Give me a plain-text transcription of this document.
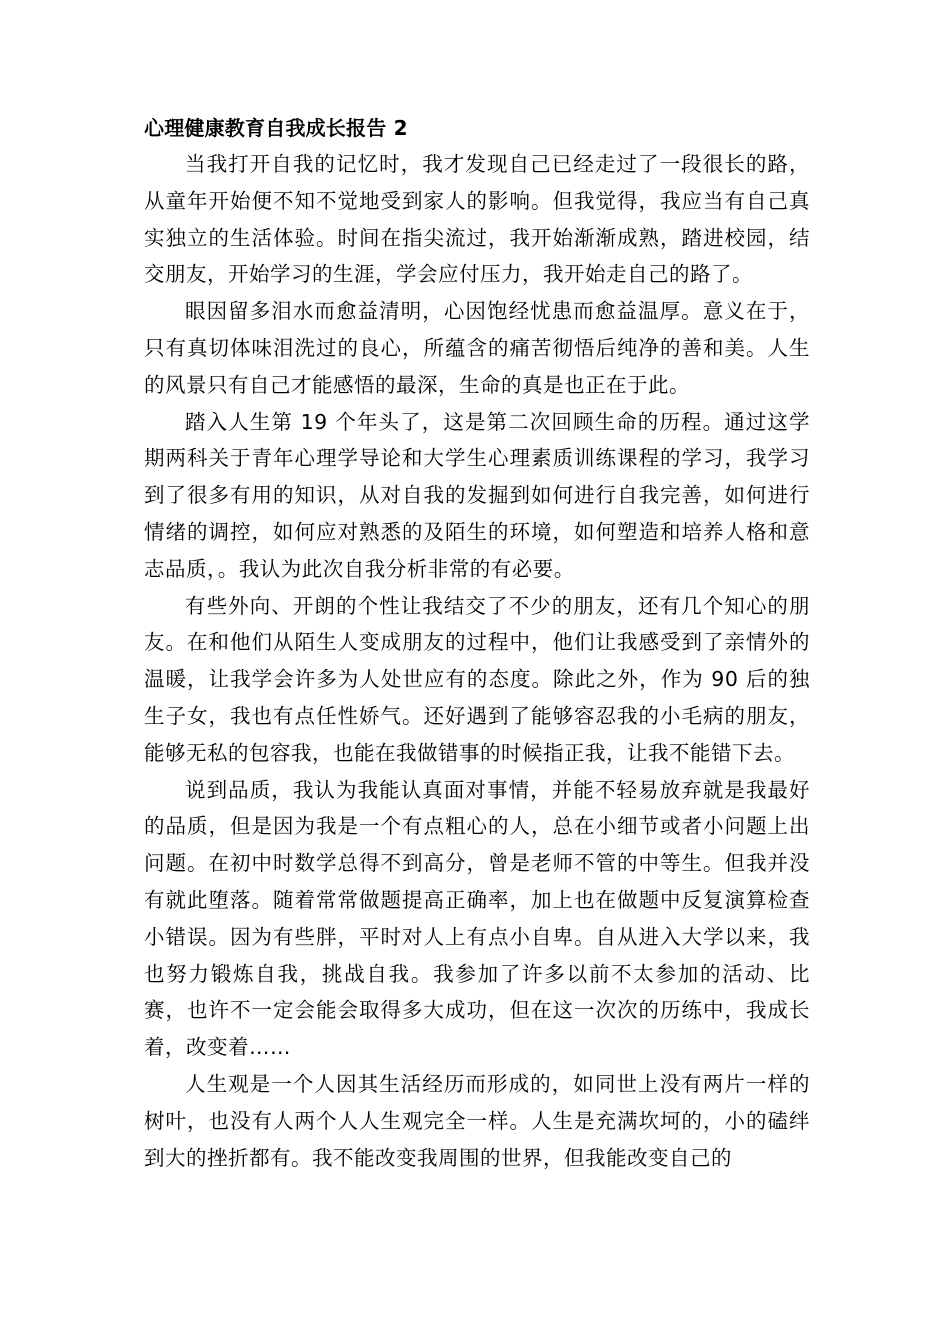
心理健康教育自我成长报告 2

当我打开自我的记忆时，我才发现自己已经走过了一段很长的路，从童年开始便不知不觉地受到家人的影响。但我觉得，我应当有自己真实独立的生活体验。时间在指尖流过，我开始渐渐成熟，踏进校园，结交朋友，开始学习的生涯，学会应付压力，我开始走自己的路了。

眼因留多泪水而愈益清明，心因饱经忧患而愈益温厚。意义在于，只有真切体味泪洗过的良心，所蕴含的痛苦彻悟后纯净的善和美。人生的风景只有自己才能感悟的最深，生命的真是也正在于此。

踏入人生第 19 个年头了，这是第二次回顾生命的历程。通过这学期两科关于青年心理学导论和大学生心理素质训练课程的学习，我学习到了很多有用的知识，从对自我的发掘到如何进行自我完善，如何进行情绪的调控，如何应对熟悉的及陌生的环境，如何塑造和培养人格和意志品质，。我认为此次自我分析非常的有必要。

有些外向、开朗的个性让我结交了不少的朋友，还有几个知心的朋友。在和他们从陌生人变成朋友的过程中，他们让我感受到了亲情外的温暖，让我学会许多为人处世应有的态度。除此之外，作为 90 后的独生子女，我也有点任性娇气。还好遇到了能够容忍我的小毛病的朋友，能够无私的包容我，也能在我做错事的时候指正我，让我不能错下去。

说到品质，我认为我能认真面对事情，并能不轻易放弃就是我最好的品质，但是因为我是一个有点粗心的人，总在小细节或者小问题上出问题。在初中时数学总得不到高分，曾是老师不管的中等生。但我并没有就此堕落。随着常常做题提高正确率，加上也在做题中反复演算检查小错误。因为有些胖，平时对人上有点小自卑。自从进入大学以来，我也努力锻炼自我，挑战自我。我参加了许多以前不太参加的活动、比赛，也许不一定会能会取得多大成功，但在这一次次的历练中，我成长着，改变着……

人生观是一个人因其生活经历而形成的，如同世上没有两片一样的树叶，也没有人两个人人生观完全一样。人生是充满坎坷的，小的磕绊到大的挫折都有。我不能改变我周围的世界，但我能改变自己的
